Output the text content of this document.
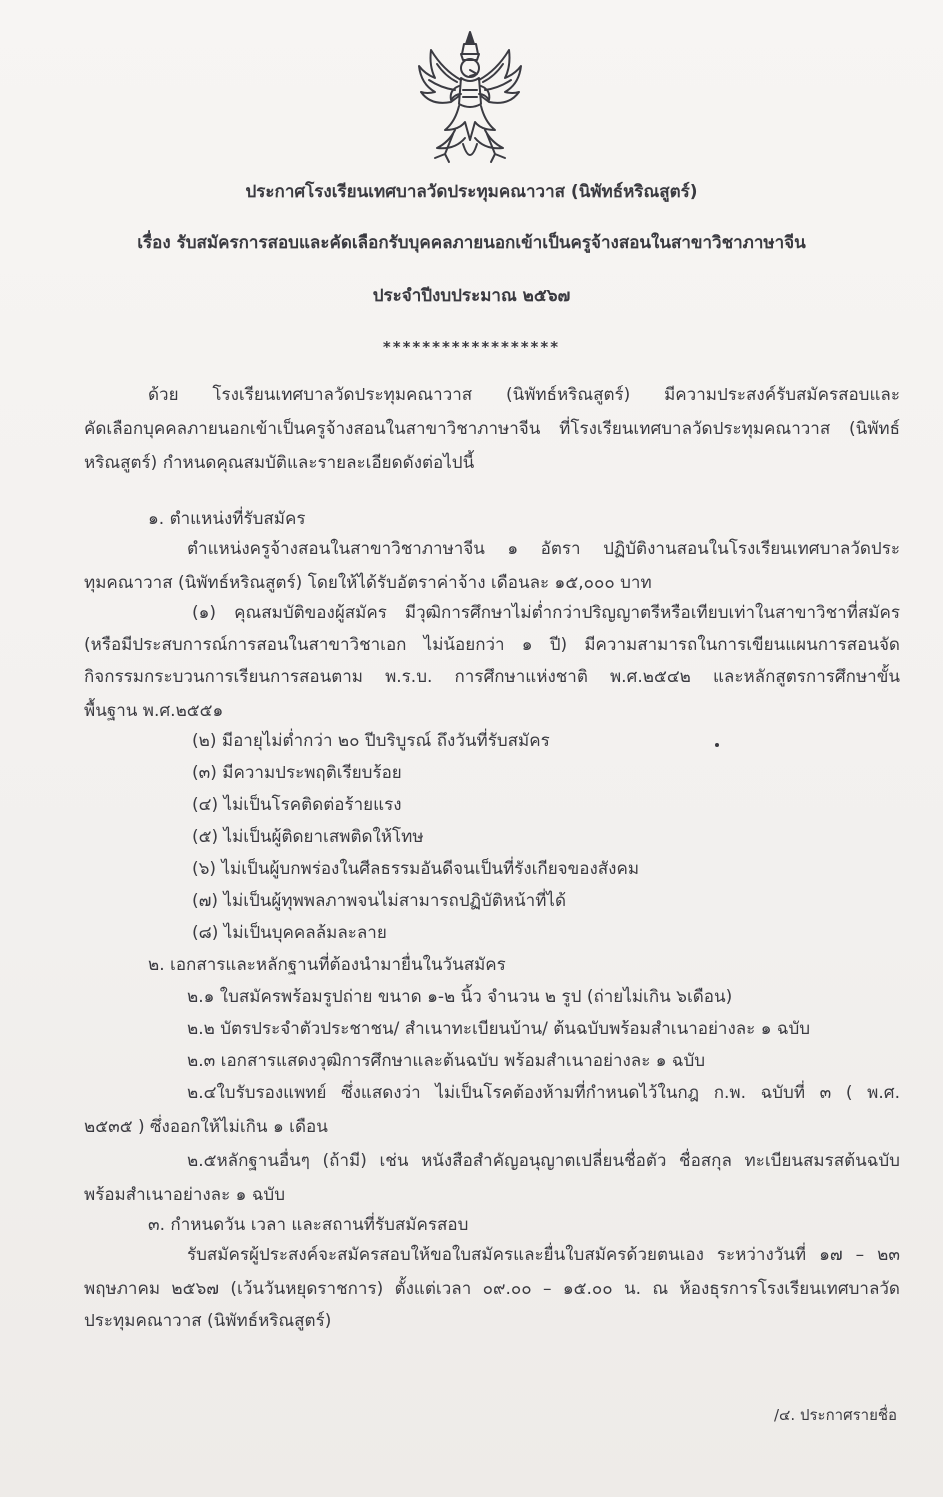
ประกาศโรงเรียนเทศบาลวัดประทุมคณาวาส (นิพัทธ์หริณสูตร์)
เรื่อง รับสมัครการสอบและคัดเลือกรับบุคคลภายนอกเข้าเป็นครูจ้างสอนในสาขาวิชาภาษาจีน
ประจำปีงบประมาณ ๒๕๖๗
******************
ด้วย โรงเรียนเทศบาลวัดประทุมคณาวาส (นิพัทธ์หริณสูตร์) มีความประสงค์รับสมัครสอบและ
คัดเลือกบุคคลภายนอกเข้าเป็นครูจ้างสอนในสาขาวิชาภาษาจีน ที่โรงเรียนเทศบาลวัดประทุมคณาวาส (นิพัทธ์
หริณสูตร์) กำหนดคุณสมบัติและรายละเอียดดังต่อไปนี้
๑. ตำแหน่งที่รับสมัคร
ตำแหน่งครูจ้างสอนในสาขาวิชาภาษาจีน ๑ อัตรา ปฏิบัติงานสอนในโรงเรียนเทศบาลวัดประ
ทุมคณาวาส (นิพัทธ์หริณสูตร์) โดยให้ได้รับอัตราค่าจ้าง เดือนละ ๑๕,๐๐๐ บาท
(๑) คุณสมบัติของผู้สมัคร มีวุฒิการศึกษาไม่ต่ำกว่าปริญญาตรีหรือเทียบเท่าในสาขาวิชาที่สมัคร
(หรือมีประสบการณ์การสอนในสาขาวิชาเอก ไม่น้อยกว่า ๑ ปี) มีความสามารถในการเขียนแผนการสอนจัด
กิจกรรมกระบวนการเรียนการสอนตาม พ.ร.บ. การศึกษาแห่งชาติ พ.ศ.๒๕๔๒ และหลักสูตรการศึกษาขั้น
พื้นฐาน พ.ศ.๒๕๕๑
(๒) มีอายุไม่ต่ำกว่า ๒๐ ปีบริบูรณ์ ถึงวันที่รับสมัคร
(๓) มีความประพฤติเรียบร้อย
(๔) ไม่เป็นโรคติดต่อร้ายแรง
(๕) ไม่เป็นผู้ติดยาเสพติดให้โทษ
(๖) ไม่เป็นผู้บกพร่องในศีลธรรมอันดีจนเป็นที่รังเกียจของสังคม
(๗) ไม่เป็นผู้ทุพพลภาพจนไม่สามารถปฏิบัติหน้าที่ได้
(๘) ไม่เป็นบุคคลล้มละลาย
๒. เอกสารและหลักฐานที่ต้องนำมายื่นในวันสมัคร
๒.๑ ใบสมัครพร้อมรูปถ่าย ขนาด ๑-๒ นิ้ว จำนวน ๒ รูป (ถ่ายไม่เกิน ๖เดือน)
๒.๒ บัตรประจำตัวประชาชน/ สำเนาทะเบียนบ้าน/ ต้นฉบับพร้อมสำเนาอย่างละ ๑ ฉบับ
๒.๓ เอกสารแสดงวุฒิการศึกษาและต้นฉบับ พร้อมสำเนาอย่างละ ๑ ฉบับ
๒.๔ใบรับรองแพทย์ ซึ่งแสดงว่า ไม่เป็นโรคต้องห้ามที่กำหนดไว้ในกฎ ก.พ. ฉบับที่ ๓ ( พ.ศ.
๒๕๓๕ ) ซึ่งออกให้ไม่เกิน ๑ เดือน
๒.๕หลักฐานอื่นๆ (ถ้ามี) เช่น หนังสือสำคัญอนุญาตเปลี่ยนชื่อตัว ชื่อสกุล ทะเบียนสมรสต้นฉบับ
พร้อมสำเนาอย่างละ ๑ ฉบับ
๓. กำหนดวัน เวลา และสถานที่รับสมัครสอบ
รับสมัครผู้ประสงค์จะสมัครสอบให้ขอใบสมัครและยื่นใบสมัครด้วยตนเอง ระหว่างวันที่ ๑๗ – ๒๓
พฤษภาคม ๒๕๖๗ (เว้นวันหยุดราชการ) ตั้งแต่เวลา ๐๙.๐๐ – ๑๕.๐๐ น. ณ ห้องธุรการโรงเรียนเทศบาลวัด
ประทุมคณาวาส (นิพัทธ์หริณสูตร์)
/๔. ประกาศรายชื่อ
